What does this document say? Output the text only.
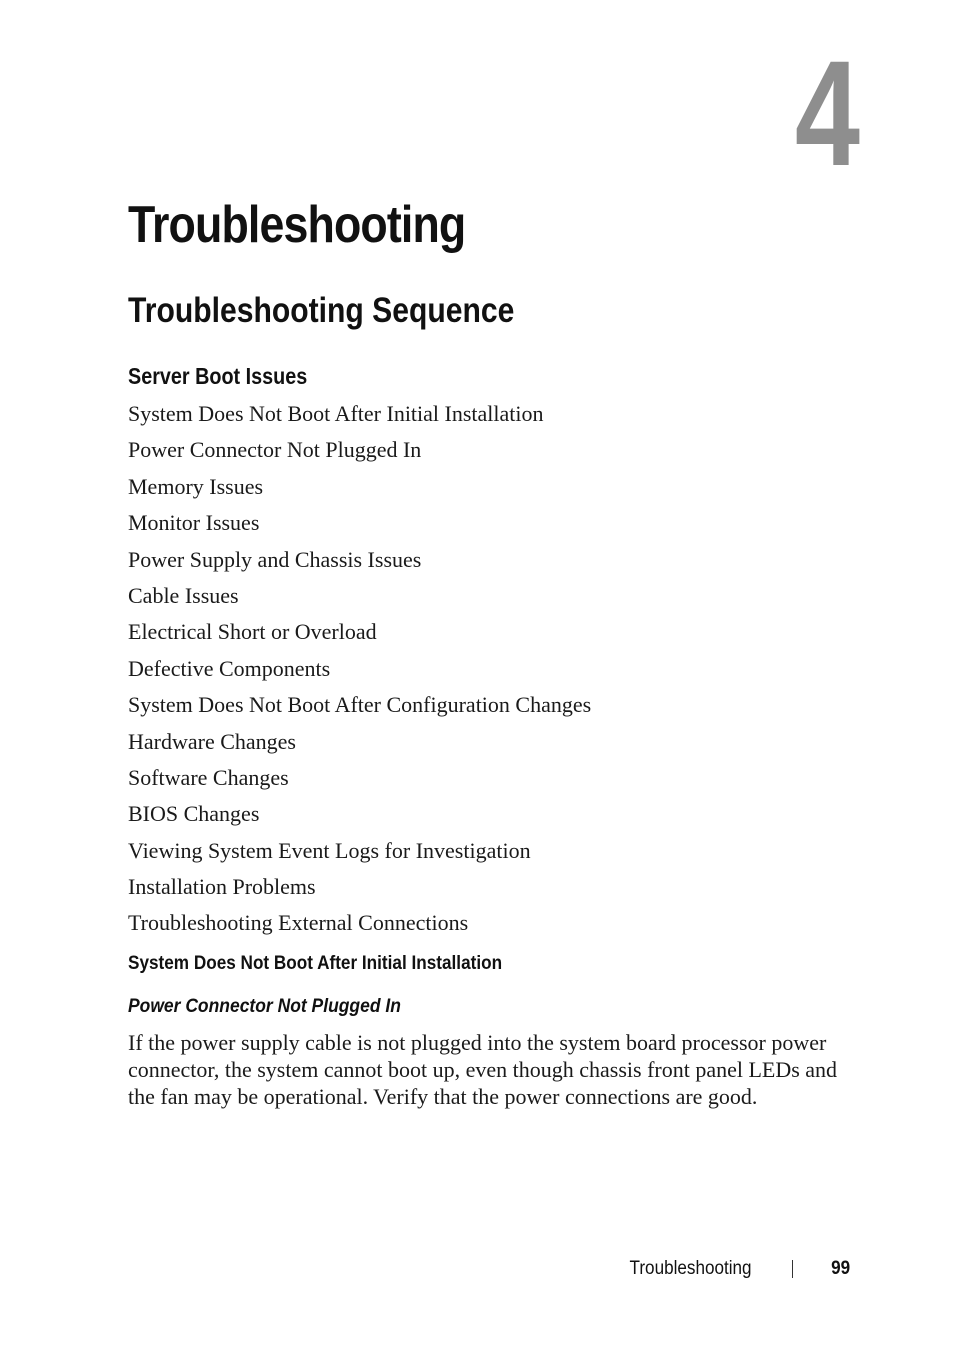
4
Troubleshooting
Troubleshooting Sequence
Server Boot Issues
System Does Not Boot After Initial Installation
Power Connector Not Plugged In
Memory Issues
Monitor Issues
Power Supply and Chassis Issues
Cable Issues
Electrical Short or Overload
Defective Components
System Does Not Boot After Configuration Changes
Hardware Changes
Software Changes
BIOS Changes
Viewing System Event Logs for Investigation
Installation Problems
Troubleshooting External Connections
System Does Not Boot After Initial Installation
Power Connector Not Plugged In

If the power supply cable is not plugged into the system board processor power connector, the system cannot boot up, even though chassis front panel LEDs and the fan may be operational. Verify that the power connections are good.

Troubleshooting	99
